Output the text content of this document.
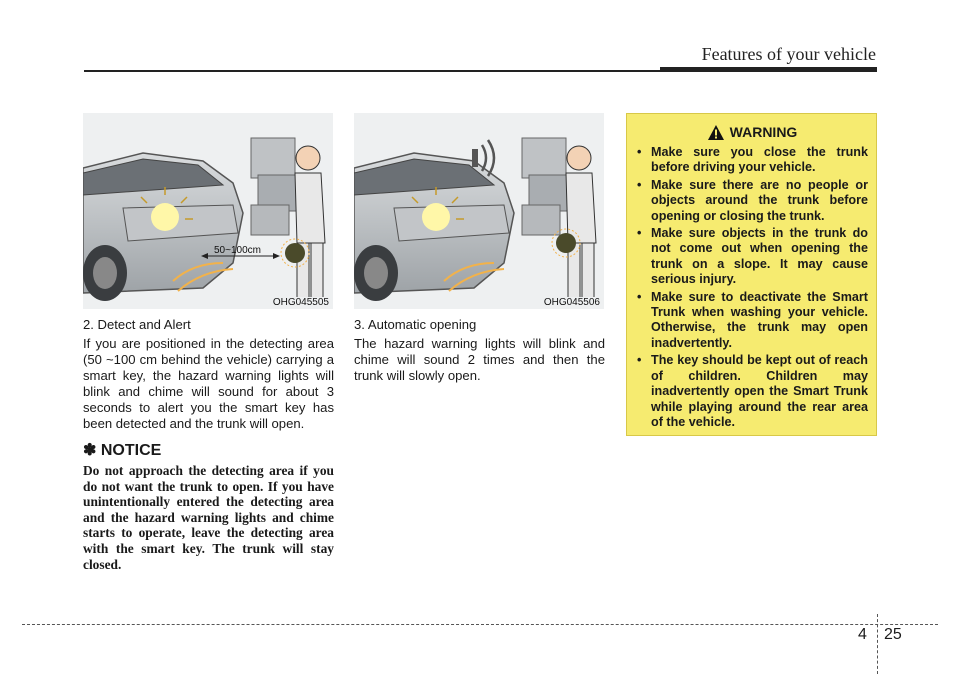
Features of your vehicle
50~100cm
OHG045505	OHG045506

2. Detect and Alert

If you are positioned in the detecting area (50 ~100 cm behind the vehicle) carrying a smart key, the hazard warning lights will blink and chime will sound for about 3 seconds to alert you the smart key has been detected and the trunk will open.

3. Automatic opening

The hazard warning lights will blink and chime will sound 2 times and then the trunk will slowly open.

✽ NOTICE
Do not approach the detecting area if you do not want the trunk to open. If you have unintentionally entered the detecting area and the hazard warning lights and chime starts to operate, leave the detecting area with the smart key. The trunk will stay closed.
WARNING
• Make sure you close the trunk before driving your vehicle.
• Make sure there are no people or objects around the trunk before opening or closing the trunk.
• Make sure objects in the trunk do not come out when opening the trunk on a slope. It may cause serious injury.
• Make sure to deactivate the Smart Trunk when washing your vehicle. Otherwise, the trunk may open inadvertently.
• The key should be kept out of reach of children. Children may inadvertently open the Smart Trunk while playing around the rear area of the vehicle.
4 25
